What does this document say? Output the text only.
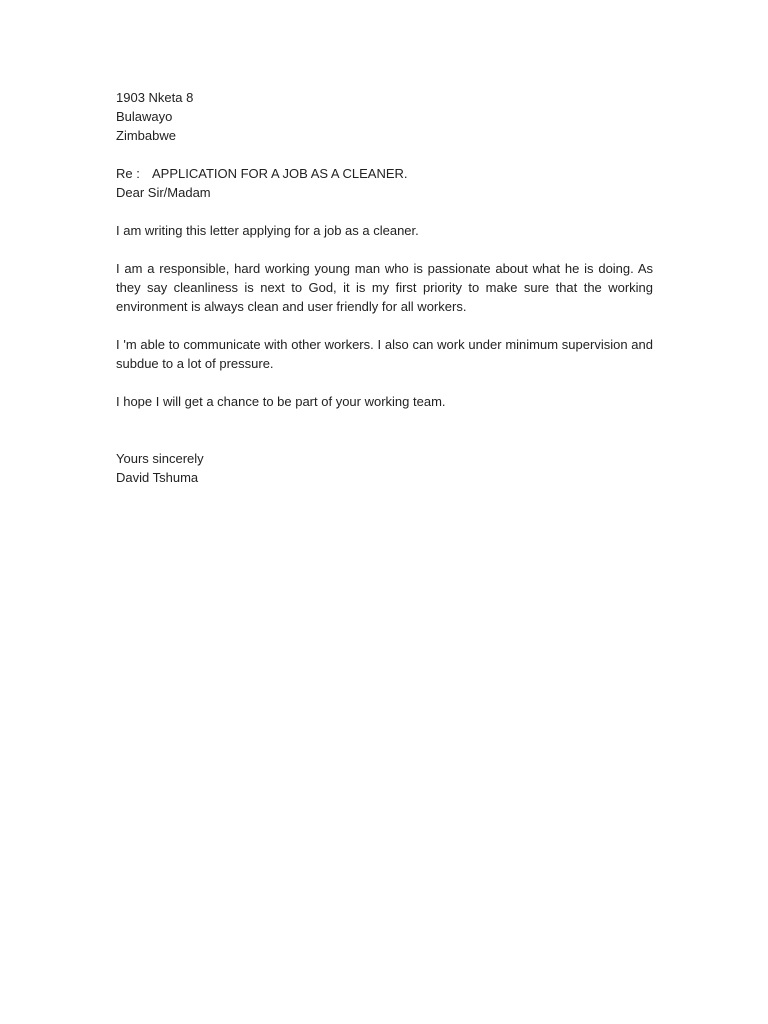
1903 Nketa 8
Bulawayo
Zimbabwe
Re : APPLICATION FOR A JOB AS A CLEANER.
Dear Sir/Madam

I am writing this letter applying for a job as a cleaner.

I am a responsible, hard working young man who is passionate about what he is doing. As they say cleanliness is next to God, it is my first priority to make sure that the working environment is always clean and user friendly for all workers.

I 'm able to communicate with other workers. I also can work under minimum supervision and subdue to a lot of pressure.

I hope I will get a chance to be part of your working team.

Yours sincerely
David Tshuma
